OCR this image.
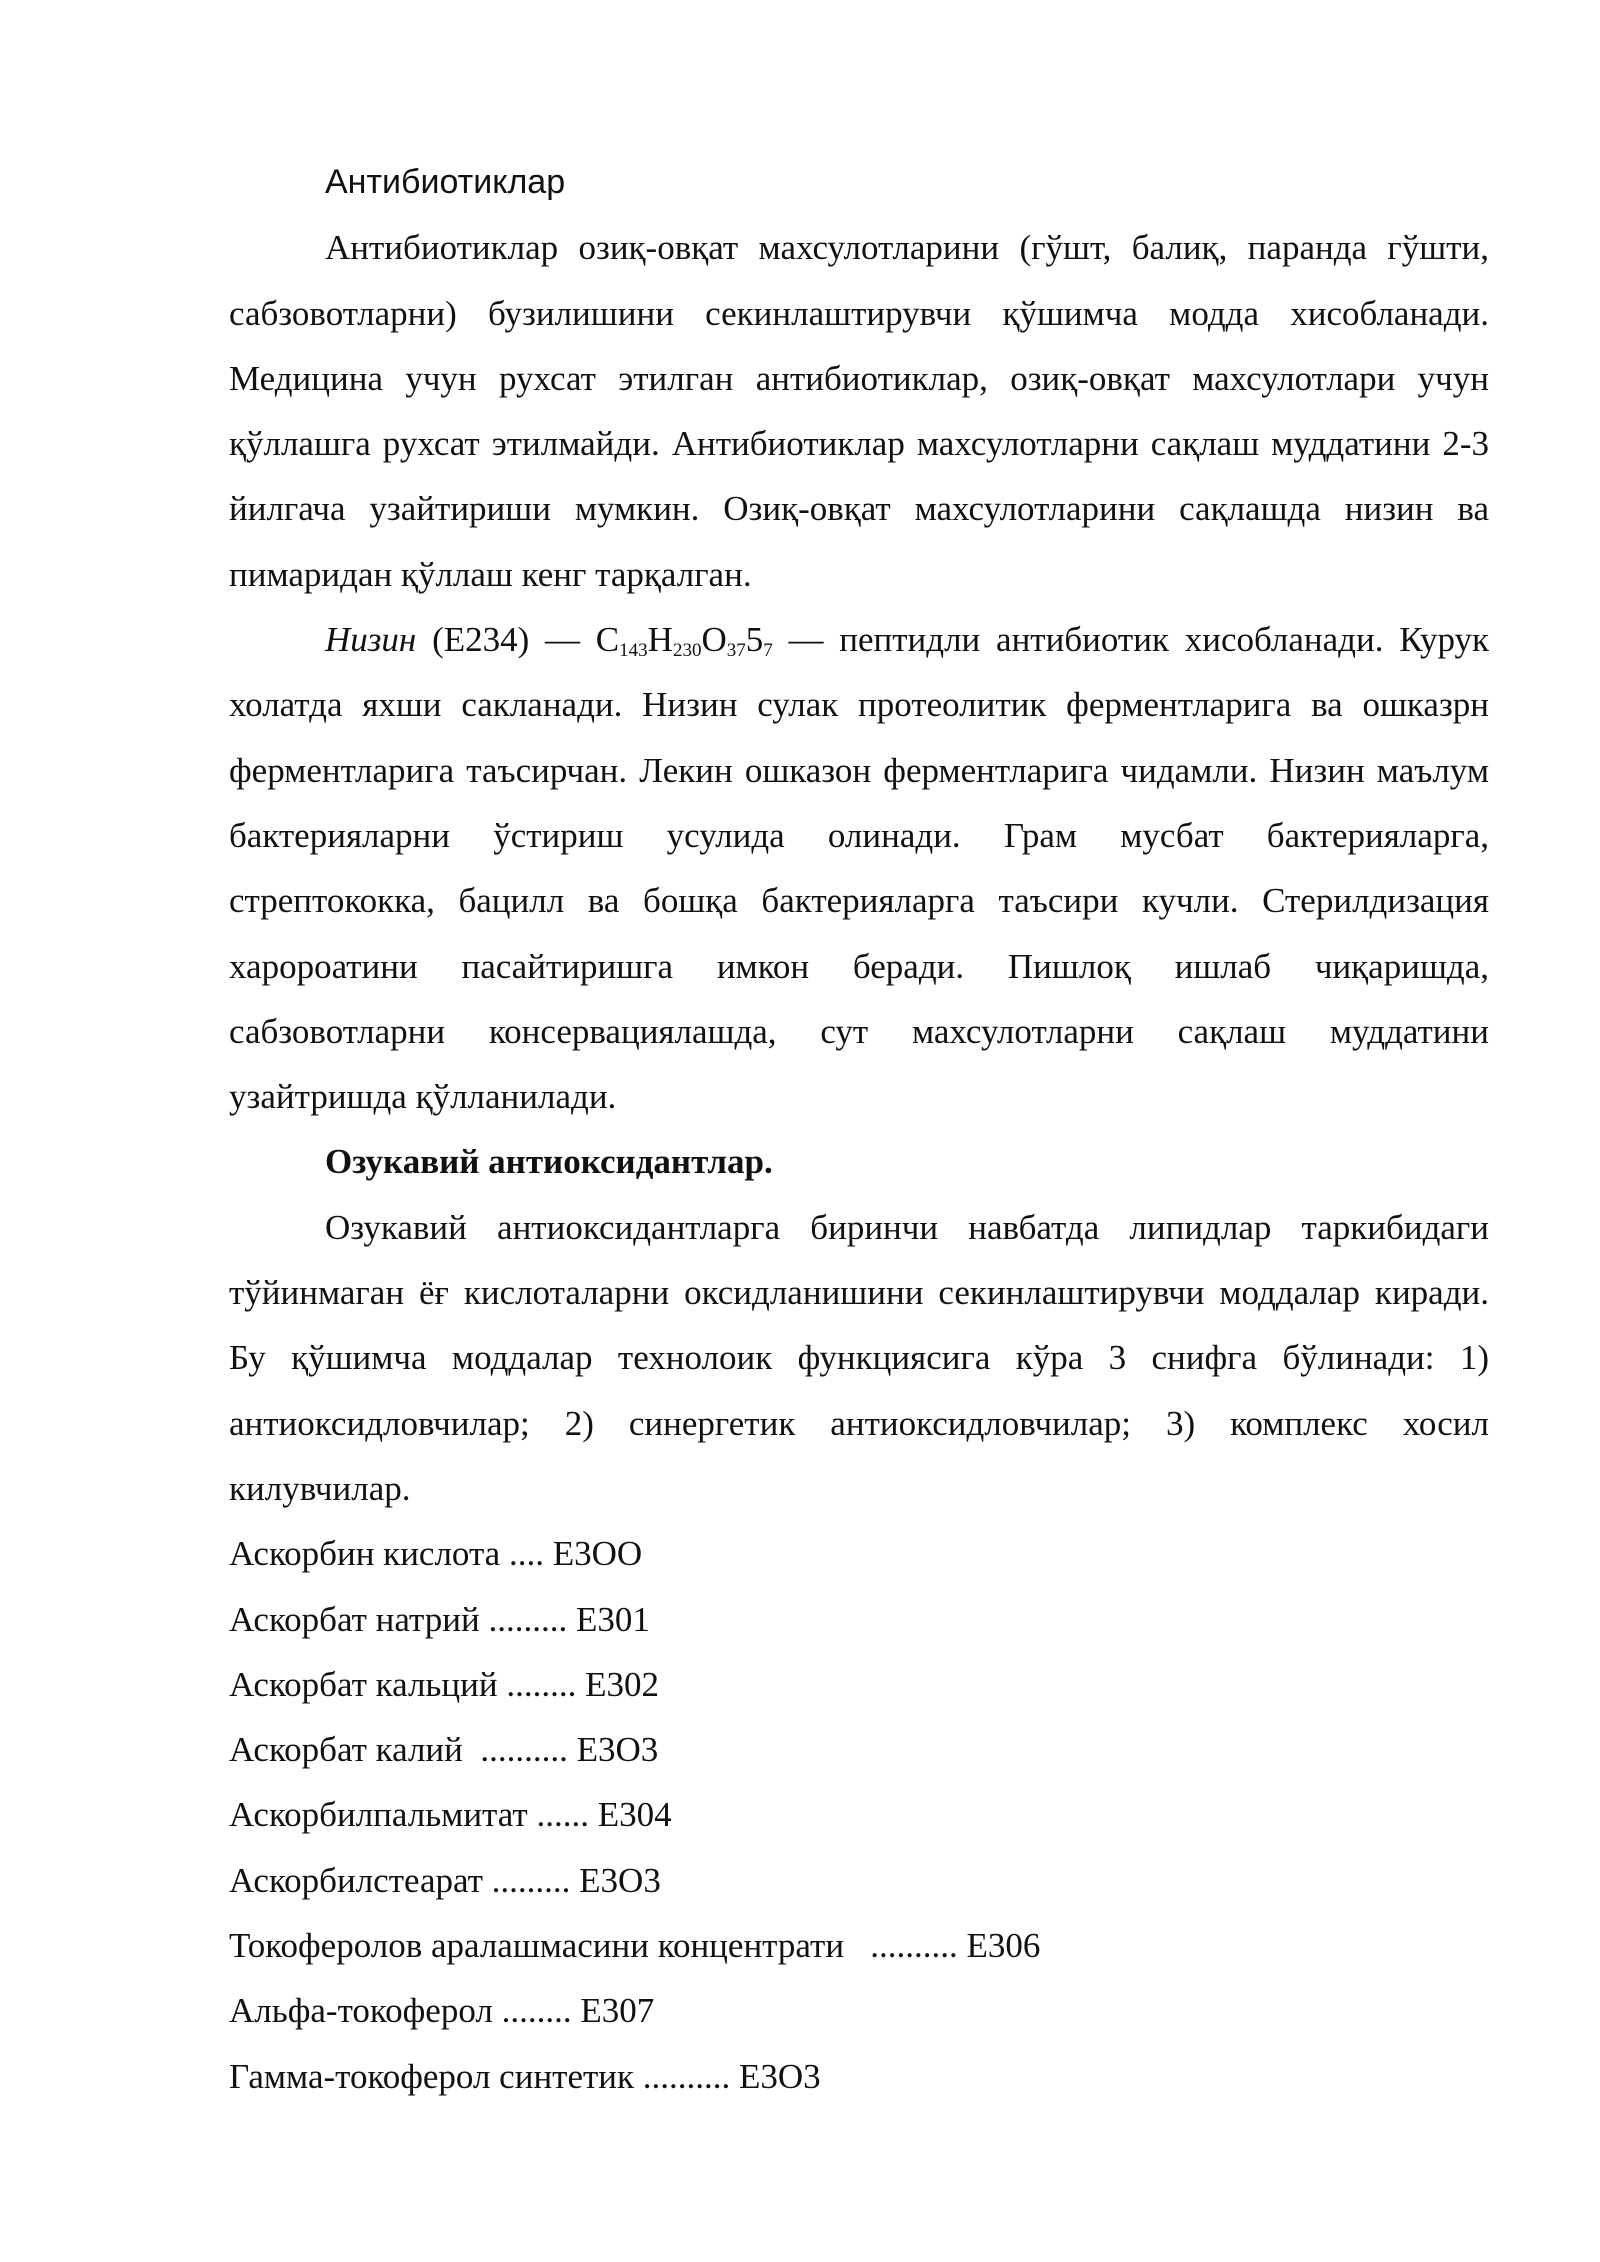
Антибиотиклар

Антибиотиклар озиқ-овқат махсулотларини (гўшт, балиқ, паранда гўшти, сабзовотларни) бузилишини секинлаштирувчи қўшимча модда хисобланади. Медицина учун рухсат этилган антибиотиклар, озиқ-овқат махсулотлари учун қўллашга рухсат этилмайди. Антибиотиклар махсулотларни сақлаш муддатини 2-3 йилгача узайтириши мумкин. Озиқ-овқат махсулотларини сақлашда низин ва пимаридан қўллаш кенг тарқалган.

Низин (Е234) — $C_{143}H_{230}O_{37}5_7$ — пептидли антибиотик хисобланади. Курук холатда яхши сакланади. Низин сулак протеолитик ферментларига ва ошказрн ферментларига таъсирчан. Лекин ошказон ферментларига чидамли. Низин маълум бактерияларни ўстириш усулида олинади. Грам мусбат бактерияларга, стрептококка, бацилл ва бошқа бактерияларга таъсири кучли. Стерилдизация харороатини пасайтиришга имкон беради. Пишлоқ ишлаб чиқаришда, сабзовотларни консервациялашда, сут махсулотларни сақлаш муддатини узайтришда қўлланилади.

Озукавий антиоксидантлар.

Озукавий антиоксидантларга биринчи навбатда липидлар таркибидаги тўйинмаган ёғ кислоталарни оксидланишини секинлаштирувчи моддалар киради. Бу қўшимча моддалар технолоик функциясига кўра 3 снифга бўлинади: 1) антиоксидловчилар; 2) синергетик антиоксидловчилар; 3) комплекс хосил килувчилар.

Аскорбин кислота .... Е3ОО

Аскорбат натрий ......... Е301

Аскорбат кальций ........ Е302

Аскорбат калий  .......... Е3О3

Аскорбилпальмитат ...... Е304

Аскорбилстеарат ......... Е3О3

Токоферолов аралашмасини концентрати   .......... Е306

Альфа-токоферол ........ Е307

Гамма-токоферол синтетик .......... Е3О3
